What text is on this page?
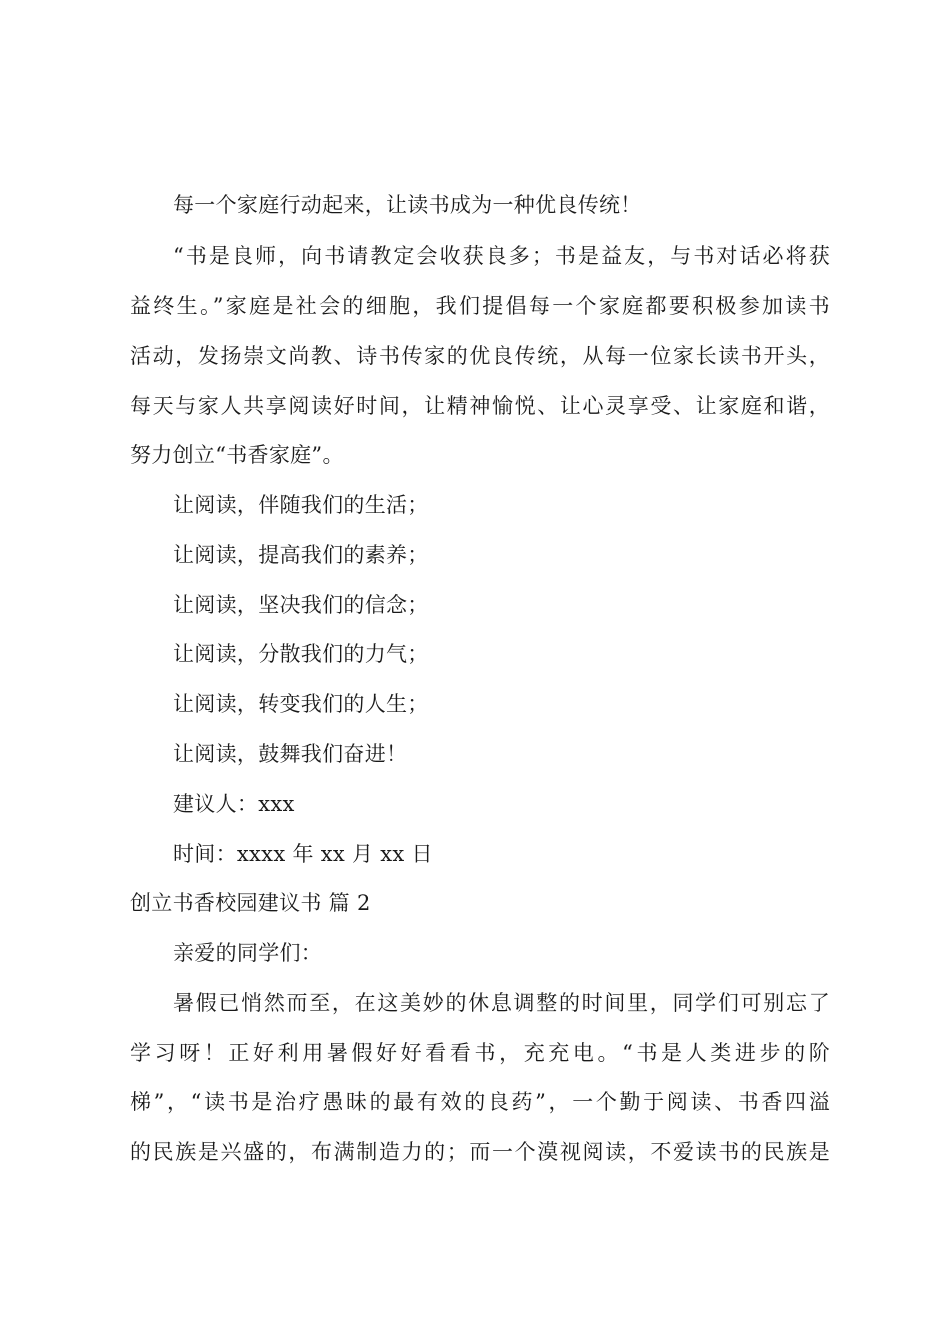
每一个家庭行动起来，让读书成为一种优良传统！
“书是良师，向书请教定会收获良多；书是益友，与书对话必将获
益终生。”家庭是社会的细胞，我们提倡每一个家庭都要积极参加读书
活动，发扬崇文尚教、诗书传家的优良传统，从每一位家长读书开头，
每天与家人共享阅读好时间，让精神愉悦、让心灵享受、让家庭和谐，
努力创立“书香家庭”。
让阅读，伴随我们的生活；
让阅读，提高我们的素养；
让阅读，坚决我们的信念；
让阅读，分散我们的力气；
让阅读，转变我们的人生；
让阅读，鼓舞我们奋进！
建议人：xxx
时间：xxxx 年 xx 月 xx 日
创立书香校园建议书 篇 2
亲爱的同学们：
暑假已悄然而至，在这美妙的休息调整的时间里，同学们可别忘了
学习呀！正好利用暑假好好看看书，充充电。“书是人类进步的阶
梯”，“读书是治疗愚昧的最有效的良药”，一个勤于阅读、书香四溢
的民族是兴盛的，布满制造力的；而一个漠视阅读，不爱读书的民族是
